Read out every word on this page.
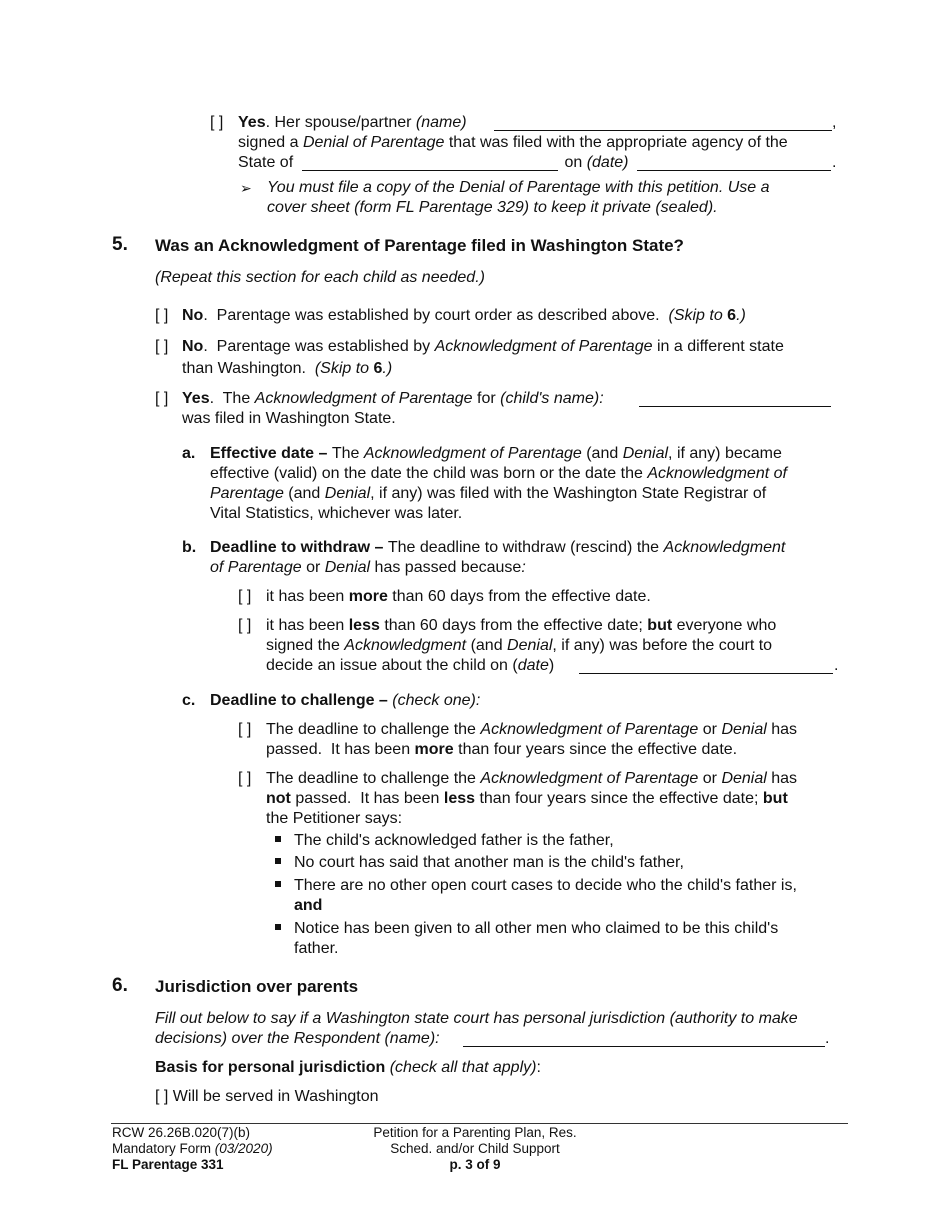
[ ] Yes. Her spouse/partner (name)	,
signed a Denial of Parentage that was filed with the appropriate agency of the
State of	on (date)	.
➢ You must file a copy of the Denial of Parentage with this petition. Use a
cover sheet (form FL Parentage 329) to keep it private (sealed).
5. Was an Acknowledgment of Parentage filed in Washington State?
(Repeat this section for each child as needed.)
[ ] No.  Parentage was established by court order as described above.  (Skip to 6.)
[ ] No.  Parentage was established by Acknowledgment of Parentage in a different state
than Washington.  (Skip to 6.)
[ ] Yes.  The Acknowledgment of Parentage for (child's name):
was filed in Washington State.
a. Effective date – The Acknowledgment of Parentage (and Denial, if any) became
effective (valid) on the date the child was born or the date the Acknowledgment of
Parentage (and Denial, if any) was filed with the Washington State Registrar of
Vital Statistics, whichever was later.
b. Deadline to withdraw – The deadline to withdraw (rescind) the Acknowledgment
of Parentage or Denial has passed because:
[ ] it has been more than 60 days from the effective date.
[ ] it has been less than 60 days from the effective date; but everyone who
signed the Acknowledgment (and Denial, if any) was before the court to
decide an issue about the child on (date)	.
c. Deadline to challenge – (check one):
[ ] The deadline to challenge the Acknowledgment of Parentage or Denial has
passed.  It has been more than four years since the effective date.
[ ] The deadline to challenge the Acknowledgment of Parentage or Denial has
not passed.  It has been less than four years since the effective date; but
the Petitioner says:
The child's acknowledged father is the father,
No court has said that another man is the child's father,
There are no other open court cases to decide who the child's father is,
and
Notice has been given to all other men who claimed to be this child's
father.
6. Jurisdiction over parents
Fill out below to say if a Washington state court has personal jurisdiction (authority to make
decisions) over the Respondent (name):	.
Basis for personal jurisdiction (check all that apply):
[ ] Will be served in Washington
RCW 26.26B.020(7)(b)
Mandatory Form (03/2020)
FL Parentage 331
Petition for a Parenting Plan, Res.
Sched. and/or Child Support
p. 3 of 9
